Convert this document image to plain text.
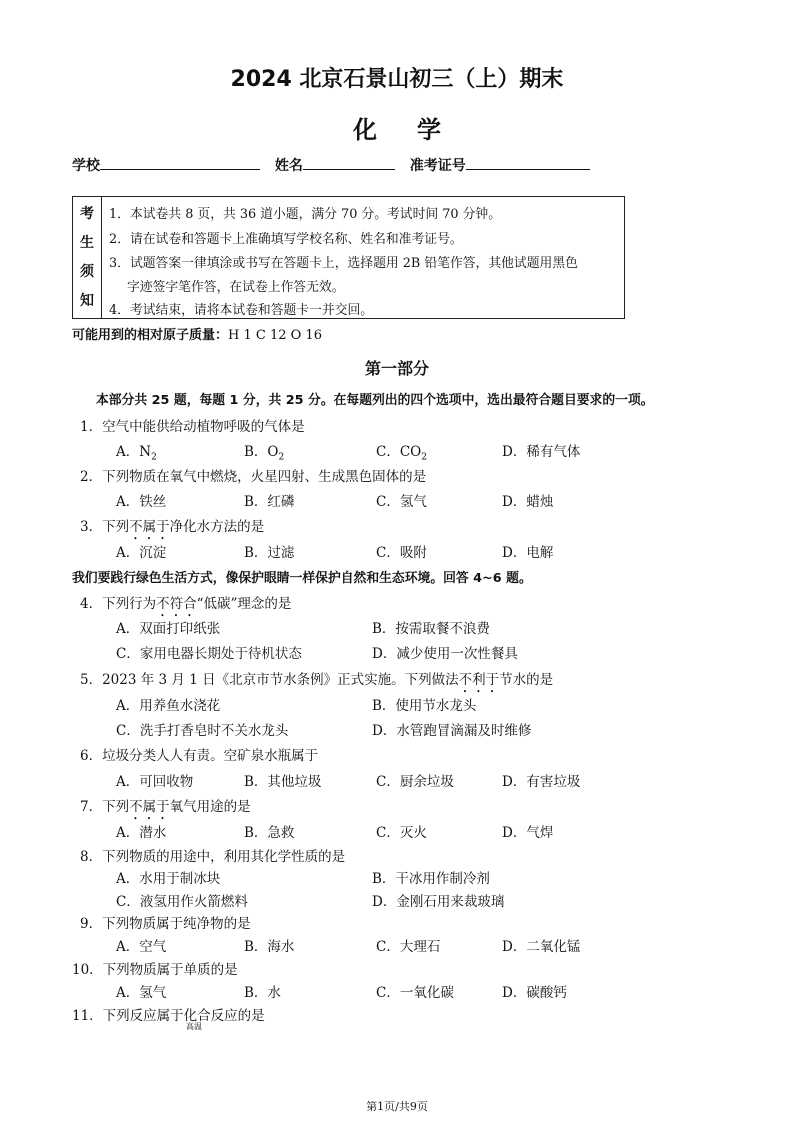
2024 北京石景山初三（上）期末
化学
学校	姓名	准考证号
考
生
须
知
1．本试卷共 8 页，共 36 道小题，满分 70 分。考试时间 70 分钟。
2．请在试卷和答题卡上准确填写学校名称、姓名和准考证号。
3．试题答案一律填涂或书写在答题卡上，选择题用 2B 铅笔作答，其他试题用黑色
字迹签字笔作答，在试卷上作答无效。
4．考试结束，请将本试卷和答题卡一并交回。
可能用到的相对原子质量：H 1 C 12 O 16
第一部分
本部分共 25 题，每题 1 分，共 25 分。在每题列出的四个选项中，选出最符合题目要求的一项。
1．空气中能供给动植物呼吸的气体是
A．$N_2$	B．$O_2$	C．$CO_2$	D．稀有气体
2．下列物质在氧气中燃烧，火星四射、生成黑色固体的是
A．铁丝	B．红磷	C．氢气	D．蜡烛
3．下列不属于净化水方法的是
A．沉淀	B．过滤	C．吸附	D．电解
我们要践行绿色生活方式，像保护眼睛一样保护自然和生态环境。回答 4~6 题。
4．下列行为不符合“低碳”理念的是
A．双面打印纸张	B．按需取餐不浪费
C．家用电器长期处于待机状态	D．减少使用一次性餐具
5．2023 年 3 月 1 日《北京市节水条例》正式实施。下列做法不利于节水的是
A．用养鱼水浇花	B．使用节水龙头
C．洗手打香皂时不关水龙头	D．水管跑冒滴漏及时维修
6．垃圾分类人人有责。空矿泉水瓶属于
A．可回收物	B．其他垃圾	C．厨余垃圾	D．有害垃圾
7．下列不属于氧气用途的是
A．潜水	B．急救	C．灭火	D．气焊
8．下列物质的用途中，利用其化学性质的是
A．水用于制冰块	B．干冰用作制冷剂
C．液氢用作火箭燃料	D．金刚石用来裁玻璃
9．下列物质属于纯净物的是
A．空气	B．海水	C．大理石	D．二氧化锰
10．下列物质属于单质的是
A．氢气	B．水	C．一氧化碳	D．碳酸钙
11．下列反应属于化合反应的是
高温
第1页/共9页
